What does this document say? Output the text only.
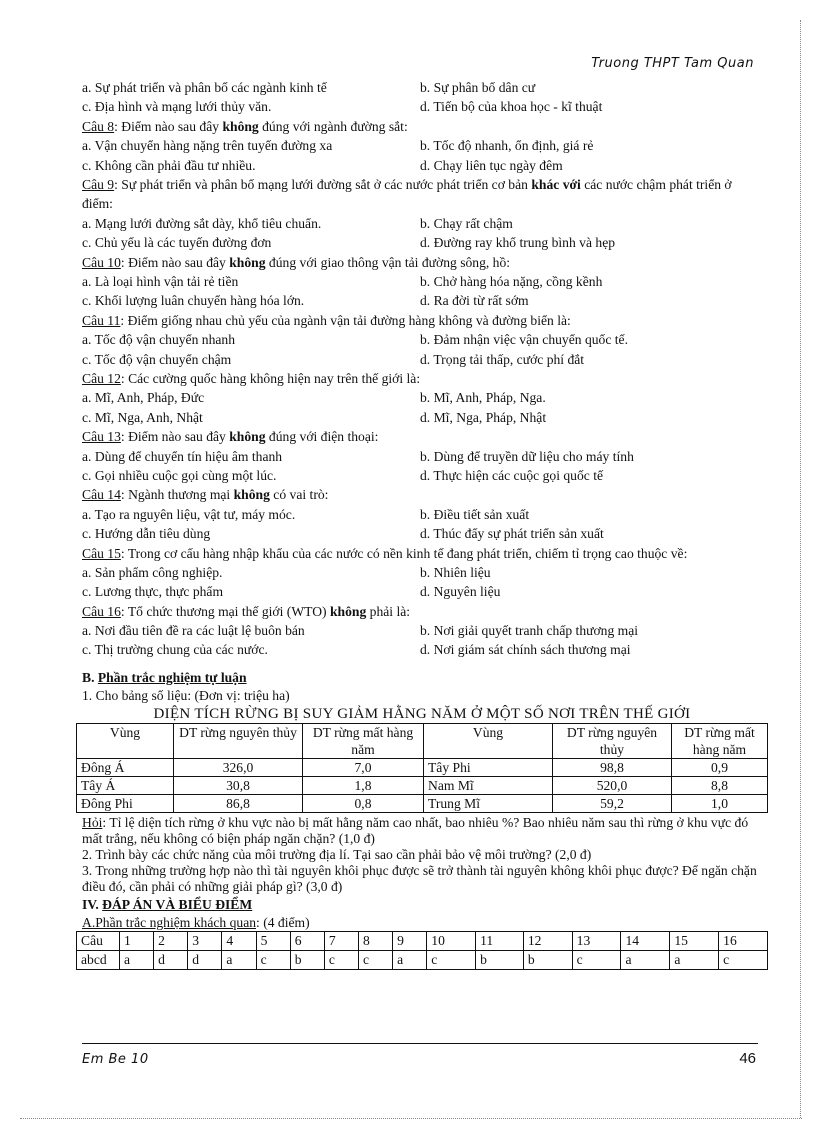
Truong THPT Tam Quan
a. Sự phát triển và phân bố các ngành kinh tế	b. Sự phân bố dân cư
c. Địa hình và mạng lưới thủy văn.	d. Tiến bộ của khoa học - kĩ thuật
Câu 8: Điểm nào sau đây không đúng với ngành đường sắt:
a. Vận chuyển hàng nặng trên tuyến đường xa	b. Tốc độ nhanh, ổn định, giá rẻ
c. Không cần phải đầu tư nhiều.	d. Chạy liên tục ngày đêm
Câu 9: Sự phát triển và phân bố mạng lưới đường sắt ở các nước phát triển cơ bản khác với các nước chậm phát triển ở điểm:
a. Mạng lưới đường sắt dày, khổ tiêu chuẩn.	b. Chạy rất chậm
c. Chủ yếu là các tuyến đường đơn	d. Đường ray khổ trung bình và hẹp
Câu 10: Điểm nào sau đây không đúng với giao thông vận tải đường sông, hồ:
a. Là loại hình vận tải rẻ tiền	b. Chở hàng hóa nặng, cồng kềnh
c. Khối lượng luân chuyển hàng hóa lớn.	d. Ra đời từ rất sớm
Câu 11: Điểm giống nhau chủ yếu của ngành vận tải đường hàng không và đường biển là:
a. Tốc độ vận chuyển nhanh	b. Đảm nhận việc vận chuyển quốc tế.
c. Tốc độ vận chuyển chậm	d. Trọng tải thấp, cước phí đắt
Câu 12: Các cường quốc hàng không hiện nay trên thế giới là:
a. Mĩ, Anh, Pháp, Đức	b. Mĩ, Anh, Pháp, Nga.
c. Mĩ, Nga, Anh, Nhật	d. Mĩ, Nga, Pháp, Nhật
Câu 13: Điểm nào sau đây không đúng với điện thoại:
a. Dùng để chuyển tín hiệu âm thanh	b. Dùng để truyền dữ liệu cho máy tính
c. Gọi nhiều cuộc gọi cùng một lúc.	d. Thực hiện các cuộc gọi quốc tế
Câu 14: Ngành thương mại không có vai trò:
a. Tạo ra nguyên liệu, vật tư, máy móc.	b. Điều tiết sản xuất
c. Hướng dẫn tiêu dùng	d. Thúc đẩy sự phát triển sản xuất
Câu 15: Trong cơ cấu hàng nhập khẩu của các nước có nền kinh tế đang phát triển, chiếm tỉ trọng cao thuộc về:
a. Sản phẩm công nghiệp.	b. Nhiên liệu
c. Lương thực, thực phẩm	d. Nguyên liệu
Câu 16: Tổ chức thương mại thế giới (WTO) không phải là:
a. Nơi đầu tiên đề ra các luật lệ buôn bán	b. Nơi giải quyết tranh chấp thương mại
c. Thị trường chung của các nước.	d. Nơi giám sát chính sách thương mại
B. Phần trắc nghiệm tự luận
1. Cho bảng số liệu: (Đơn vị: triệu ha)
DIỆN TÍCH RỪNG BỊ SUY GIẢM HẰNG NĂM Ở MỘT SỐ NƠI TRÊN THẾ GIỚI
Vùng	DT rừng nguyên thủy	DT rừng mất hàng năm	Vùng	DT rừng nguyên thủy	DT rừng mất hàng năm
Đông Á	326,0	7,0	Tây Phi	98,8	0,9
Tây Á	30,8	1,8	Nam Mĩ	520,0	8,8
Đông Phi	86,8	0,8	Trung Mĩ	59,2	1,0
Hỏi: Tỉ lệ diện tích rừng ở khu vực nào bị mất hằng năm cao nhất, bao nhiêu %? Bao nhiêu năm sau thì rừng ở khu vực đó mất trắng, nếu không có biện pháp ngăn chặn? (1,0 đ)
2. Trình bày các chức năng của môi trường địa lí. Tại sao cần phải bảo vệ môi trường? (2,0 đ)
3. Trong những trường hợp nào thì tài nguyên khôi phục được sẽ trở thành tài nguyên không khôi phục được? Để ngăn chặn điều đó, cần phải có những giải pháp gì? (3,0 đ)
IV. ĐÁP ÁN VÀ BIỂU ĐIỂM
A.Phần trắc nghiệm khách quan: (4 điểm)
Câu	1	2	3	4	5	6	7	8	9	10	11	12	13	14	15	16
abcd	a	d	d	a	c	b	c	c	a	c	b	b	c	a	a	c
Em Be 10	46
